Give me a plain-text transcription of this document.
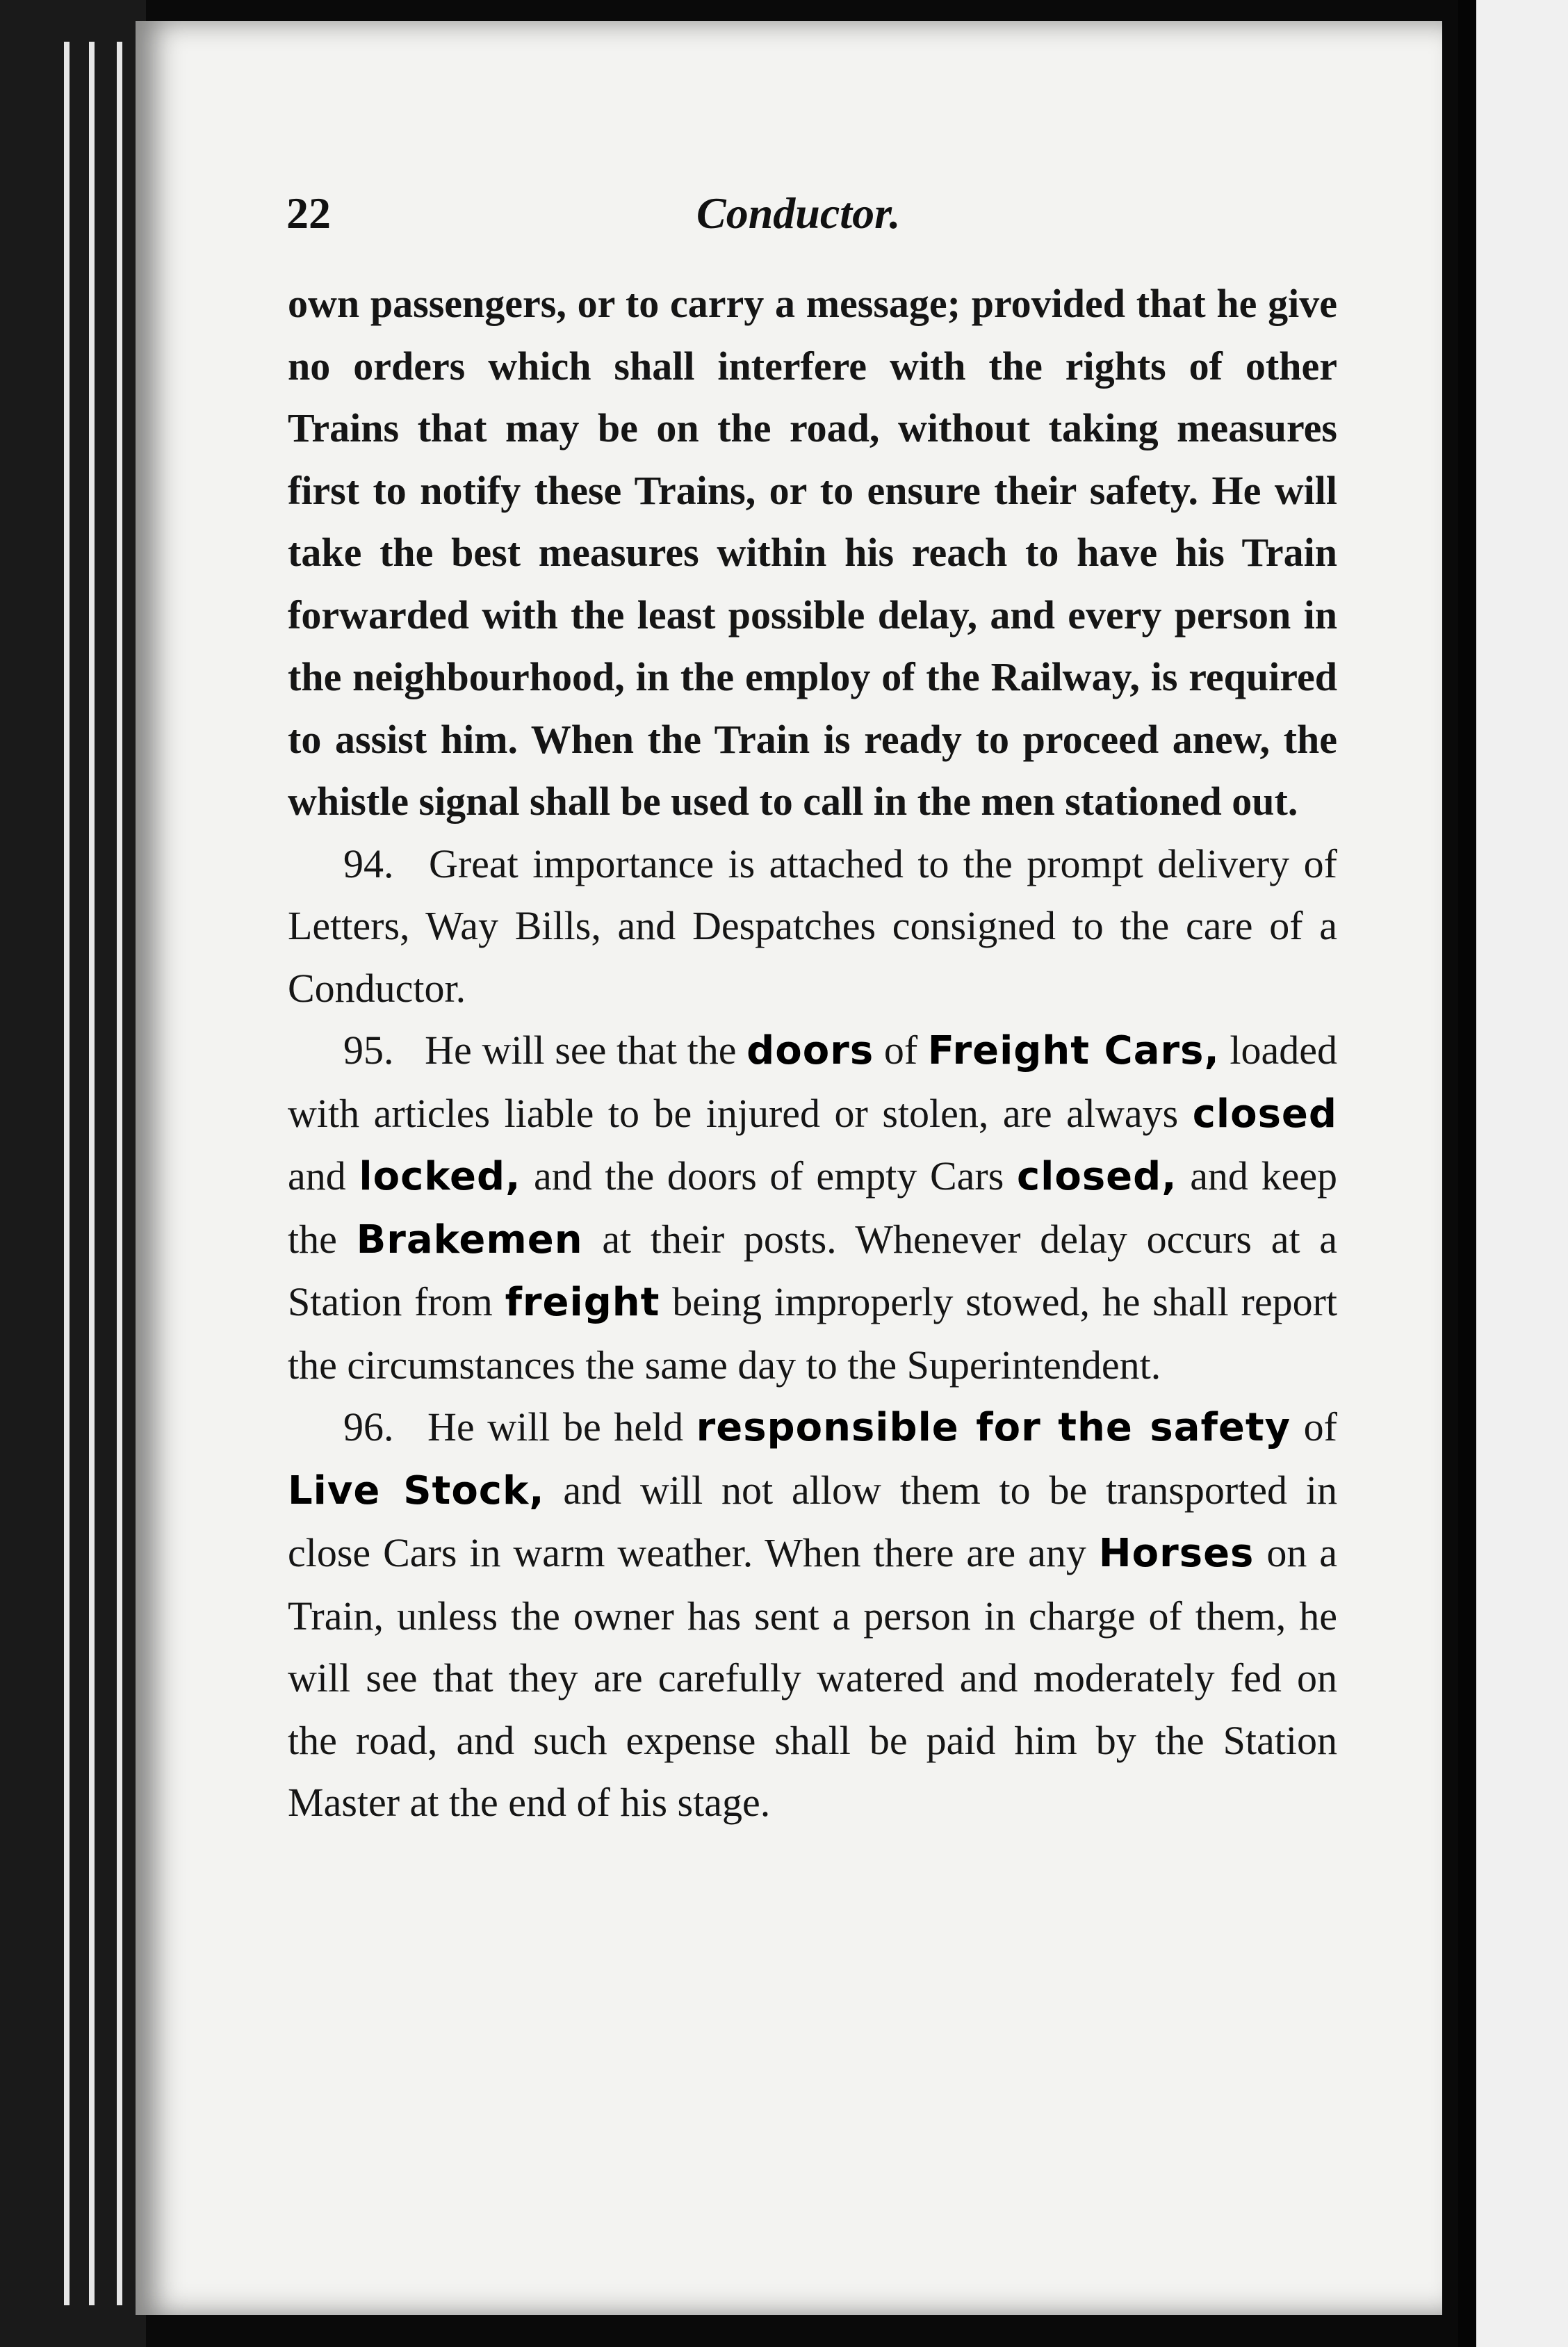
22	Conductor.

own passengers, or to carry a message; provided that he give no orders which shall interfere with the rights of other Trains that may be on the road, without taking measures first to notify these Trains, or to ensure their safety. He will take the best measures within his reach to have his Train forwarded with the least possible delay, and every person in the neighbourhood, in the employ of the Railway, is required to assist him. When the Train is ready to proceed anew, the whistle signal shall be used to call in the men stationed out.

94. Great importance is attached to the prompt delivery of Letters, Way Bills, and Despatches consigned to the care of a Conductor.

95. He will see that the doors of Freight Cars, loaded with articles liable to be injured or stolen, are always closed and locked, and the doors of empty Cars closed, and keep the Brakemen at their posts. Whenever delay occurs at a Station from freight being improperly stowed, he shall report the circumstances the same day to the Superintendent.

96. He will be held responsible for the safety of Live Stock, and will not allow them to be transported in close Cars in warm weather. When there are any Horses on a Train, unless the owner has sent a person in charge of them, he will see that they are carefully watered and moderately fed on the road, and such expense shall be paid him by the Station Master at the end of his stage.
